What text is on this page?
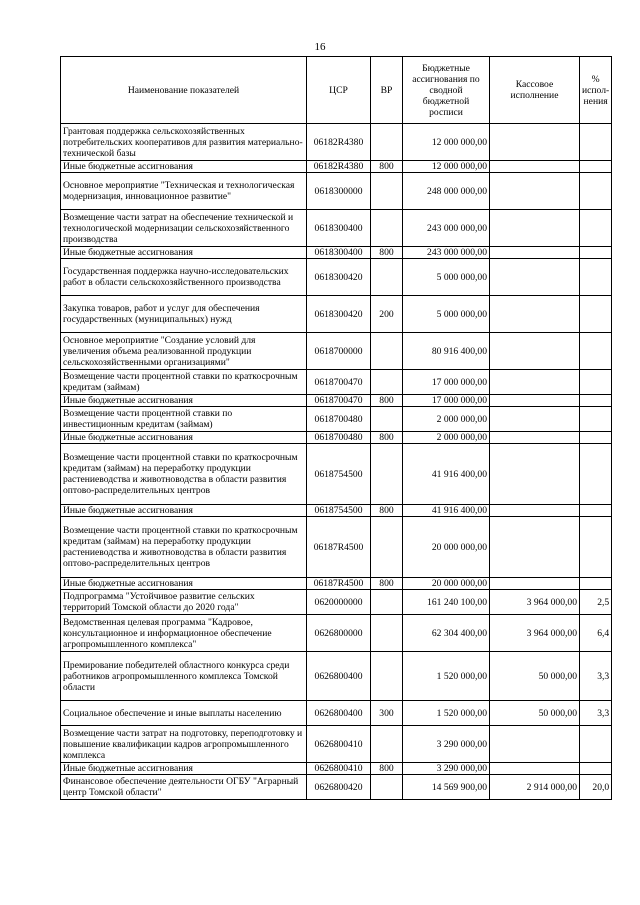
16
Наименование показателей	ЦСР	ВР	Бюджетные ассигнования по сводной бюджетной росписи	Кассовое исполнение	% испол-нения

Грантовая поддержка сельскохозяйственных потребительских кооперативов для развития материально-технической базы	06182R4380		12 000 000,00		

Иные бюджетные ассигнования	06182R4380	800	12 000 000,00		

Основное мероприятие "Техническая и технологическая модернизация, инновационное развитие"	0618300000		248 000 000,00		

Возмещение части затрат на обеспечение технической и технологической модернизации сельскохозяйственного производства	0618300400		243 000 000,00		

Иные бюджетные ассигнования	0618300400	800	243 000 000,00		

Государственная поддержка научно-исследовательских работ в области сельскохозяйственного производства	0618300420		5 000 000,00		

Закупка товаров, работ и услуг для обеспечения государственных (муниципальных) нужд	0618300420	200	5 000 000,00		

Основное мероприятие "Создание условий для увеличения объема реализованной продукции сельскохозяйственными организациями"	0618700000		80 916 400,00		

Возмещение части процентной ставки по краткосрочным кредитам (займам)	0618700470		17 000 000,00		

Иные бюджетные ассигнования	0618700470	800	17 000 000,00		

Возмещение части процентной ставки по инвестиционным кредитам (займам)	0618700480		2 000 000,00		

Иные бюджетные ассигнования	0618700480	800	2 000 000,00		

Возмещение части процентной ставки по краткосрочным кредитам (займам) на переработку продукции растениеводства и животноводства в области развития оптово-распределительных центров	0618754500		41 916 400,00		

Иные бюджетные ассигнования	0618754500	800	41 916 400,00		

Возмещение части процентной ставки по краткосрочным кредитам (займам) на переработку продукции растениеводства и животноводства в области развития оптово-распределительных центров	06187R4500		20 000 000,00		

Иные бюджетные ассигнования	06187R4500	800	20 000 000,00		

Подпрограмма "Устойчивое развитие сельских территорий Томской области до 2020 года"	0620000000		161 240 100,00	3 964 000,00	2,5

Ведомственная целевая программа "Кадровое, консультационное и информационное обеспечение агропромышленного комплекса"	0626800000		62 304 400,00	3 964 000,00	6,4

Премирование победителей областного конкурса среди работников агропромышленного комплекса Томской области	0626800400		1 520 000,00	50 000,00	3,3

Социальное обеспечение и иные выплаты населению	0626800400	300	1 520 000,00	50 000,00	3,3

Возмещение части затрат на подготовку, переподготовку и повышение квалификации кадров агропромышленного комплекса	0626800410		3 290 000,00		

Иные бюджетные ассигнования	0626800410	800	3 290 000,00		

Финансовое обеспечение деятельности ОГБУ "Аграрный центр Томской области"	0626800420		14 569 900,00	2 914 000,00	20,0
